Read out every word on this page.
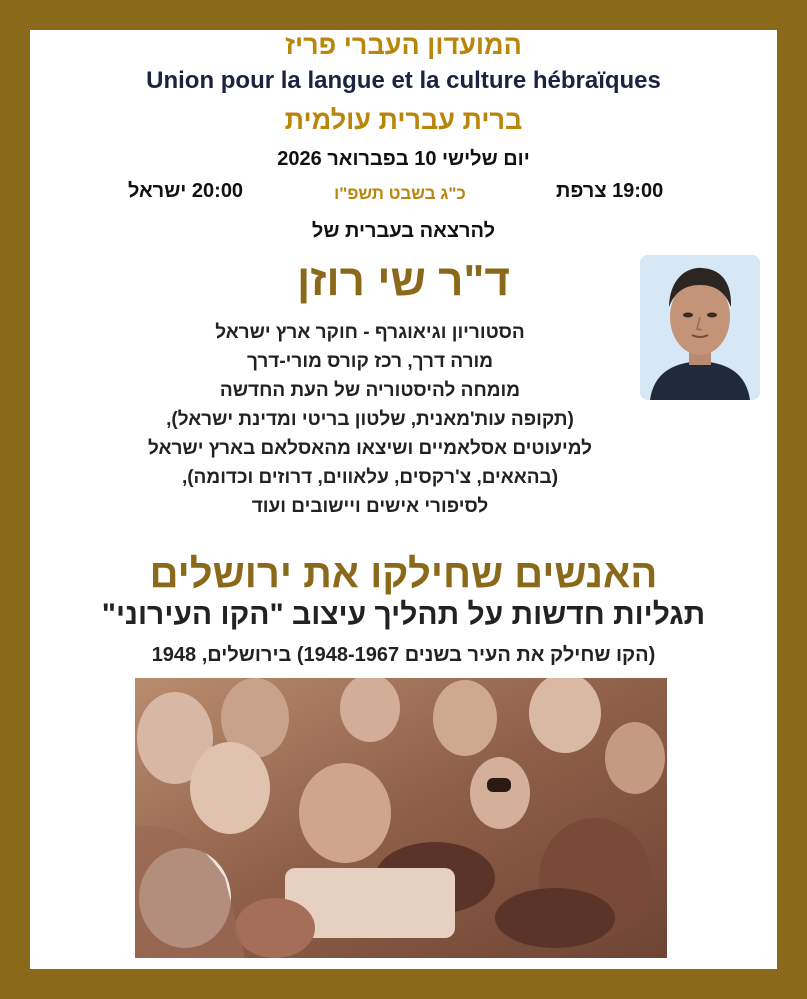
המועדון העברי פריז
Union pour la langue et la culture hébraïques
ברית עברית עולמית
יום שלישי 10 בפברואר 2026
19:00 צרפת
כ"ג בשבט תשפ"ו
20:00 ישראל
להרצאה בעברית של
ד"ר שי רוזן
הסטוריון וגיאוגרף - חוקר ארץ ישראל
מורה דרך, רכז קורס מורי-דרך
מומחה להיסטוריה של העת החדשה
(תקופה עות'מאנית, שלטון בריטי ומדינת ישראל),
למיעוטים אסלאמיים ושיצאו מהאסלאם בארץ ישראל
(בהאאים, צ'רקסים, עלאווים, דרוזים וכדומה),
לסיפורי אישים ויישובים ועוד
האנשים שחילקו את ירושלים
תגליות חדשות על תהליך עיצוב "הקו העירוני"
(הקו שחילק את העיר בשנים 1948-1967) בירושלים, 1948
